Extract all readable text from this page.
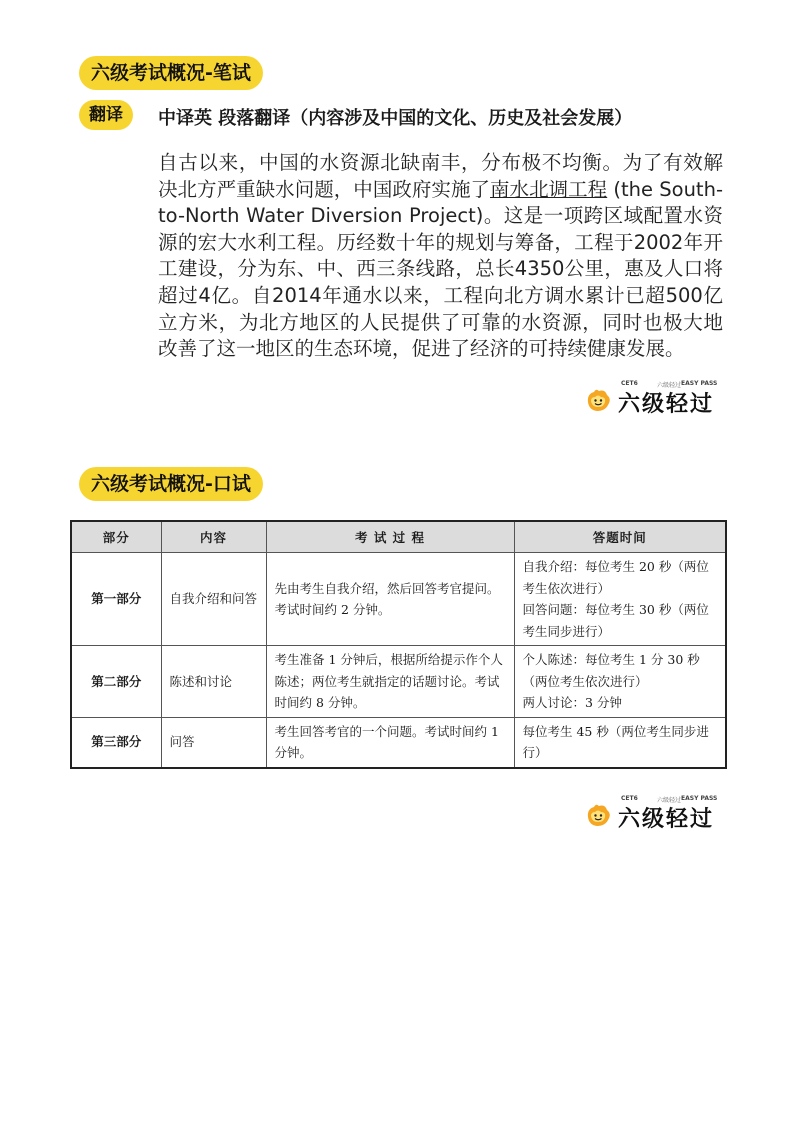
六级考试概况-笔试
翻译	中译英 段落翻译（内容涉及中国的文化、历史及社会发展）
自古以来，中国的水资源北缺南丰，分布极不均衡。为了有效解决北方严重缺水问题，中国政府实施了南水北调工程 (the South-to-North Water Diversion Project)。这是一项跨区域配置水资源的宏大水利工程。历经数十年的规划与筹备，工程于2002年开工建设，分为东、中、西三条线路，总长4350公里，惠及人口将超过4亿。自2014年通水以来，工程向北方调水累计已超500亿立方米，为北方地区的人民提供了可靠的水资源，同时也极大地改善了这一地区的生态环境，促进了经济的可持续健康发展。
CET6	六级轻过 EASY PASS
六级轻过
六级考试概况-口试
部分	内容	考 试 过 程	答题时间
第一部分	自我介绍和问答	先由考生自我介绍，然后回答考官提问。考试时间约 2 分钟。	自我介绍：每位考生 20 秒（两位考生依次进行）
回答问题：每位考生 30 秒（两位考生同步进行）

第二部分	陈述和讨论	考生准备 1 分钟后，根据所给提示作个人陈述；两位考生就指定的话题讨论。考试时间约 8 分钟。	个人陈述：每位考生 1 分 30 秒（两位考生依次进行）
两人讨论：3 分钟

第三部分	问答	考生回答考官的一个问题。考试时间约 1 分钟。	每位考生 45 秒（两位考生同步进行）
CET6	六级轻过 EASY PASS
六级轻过
